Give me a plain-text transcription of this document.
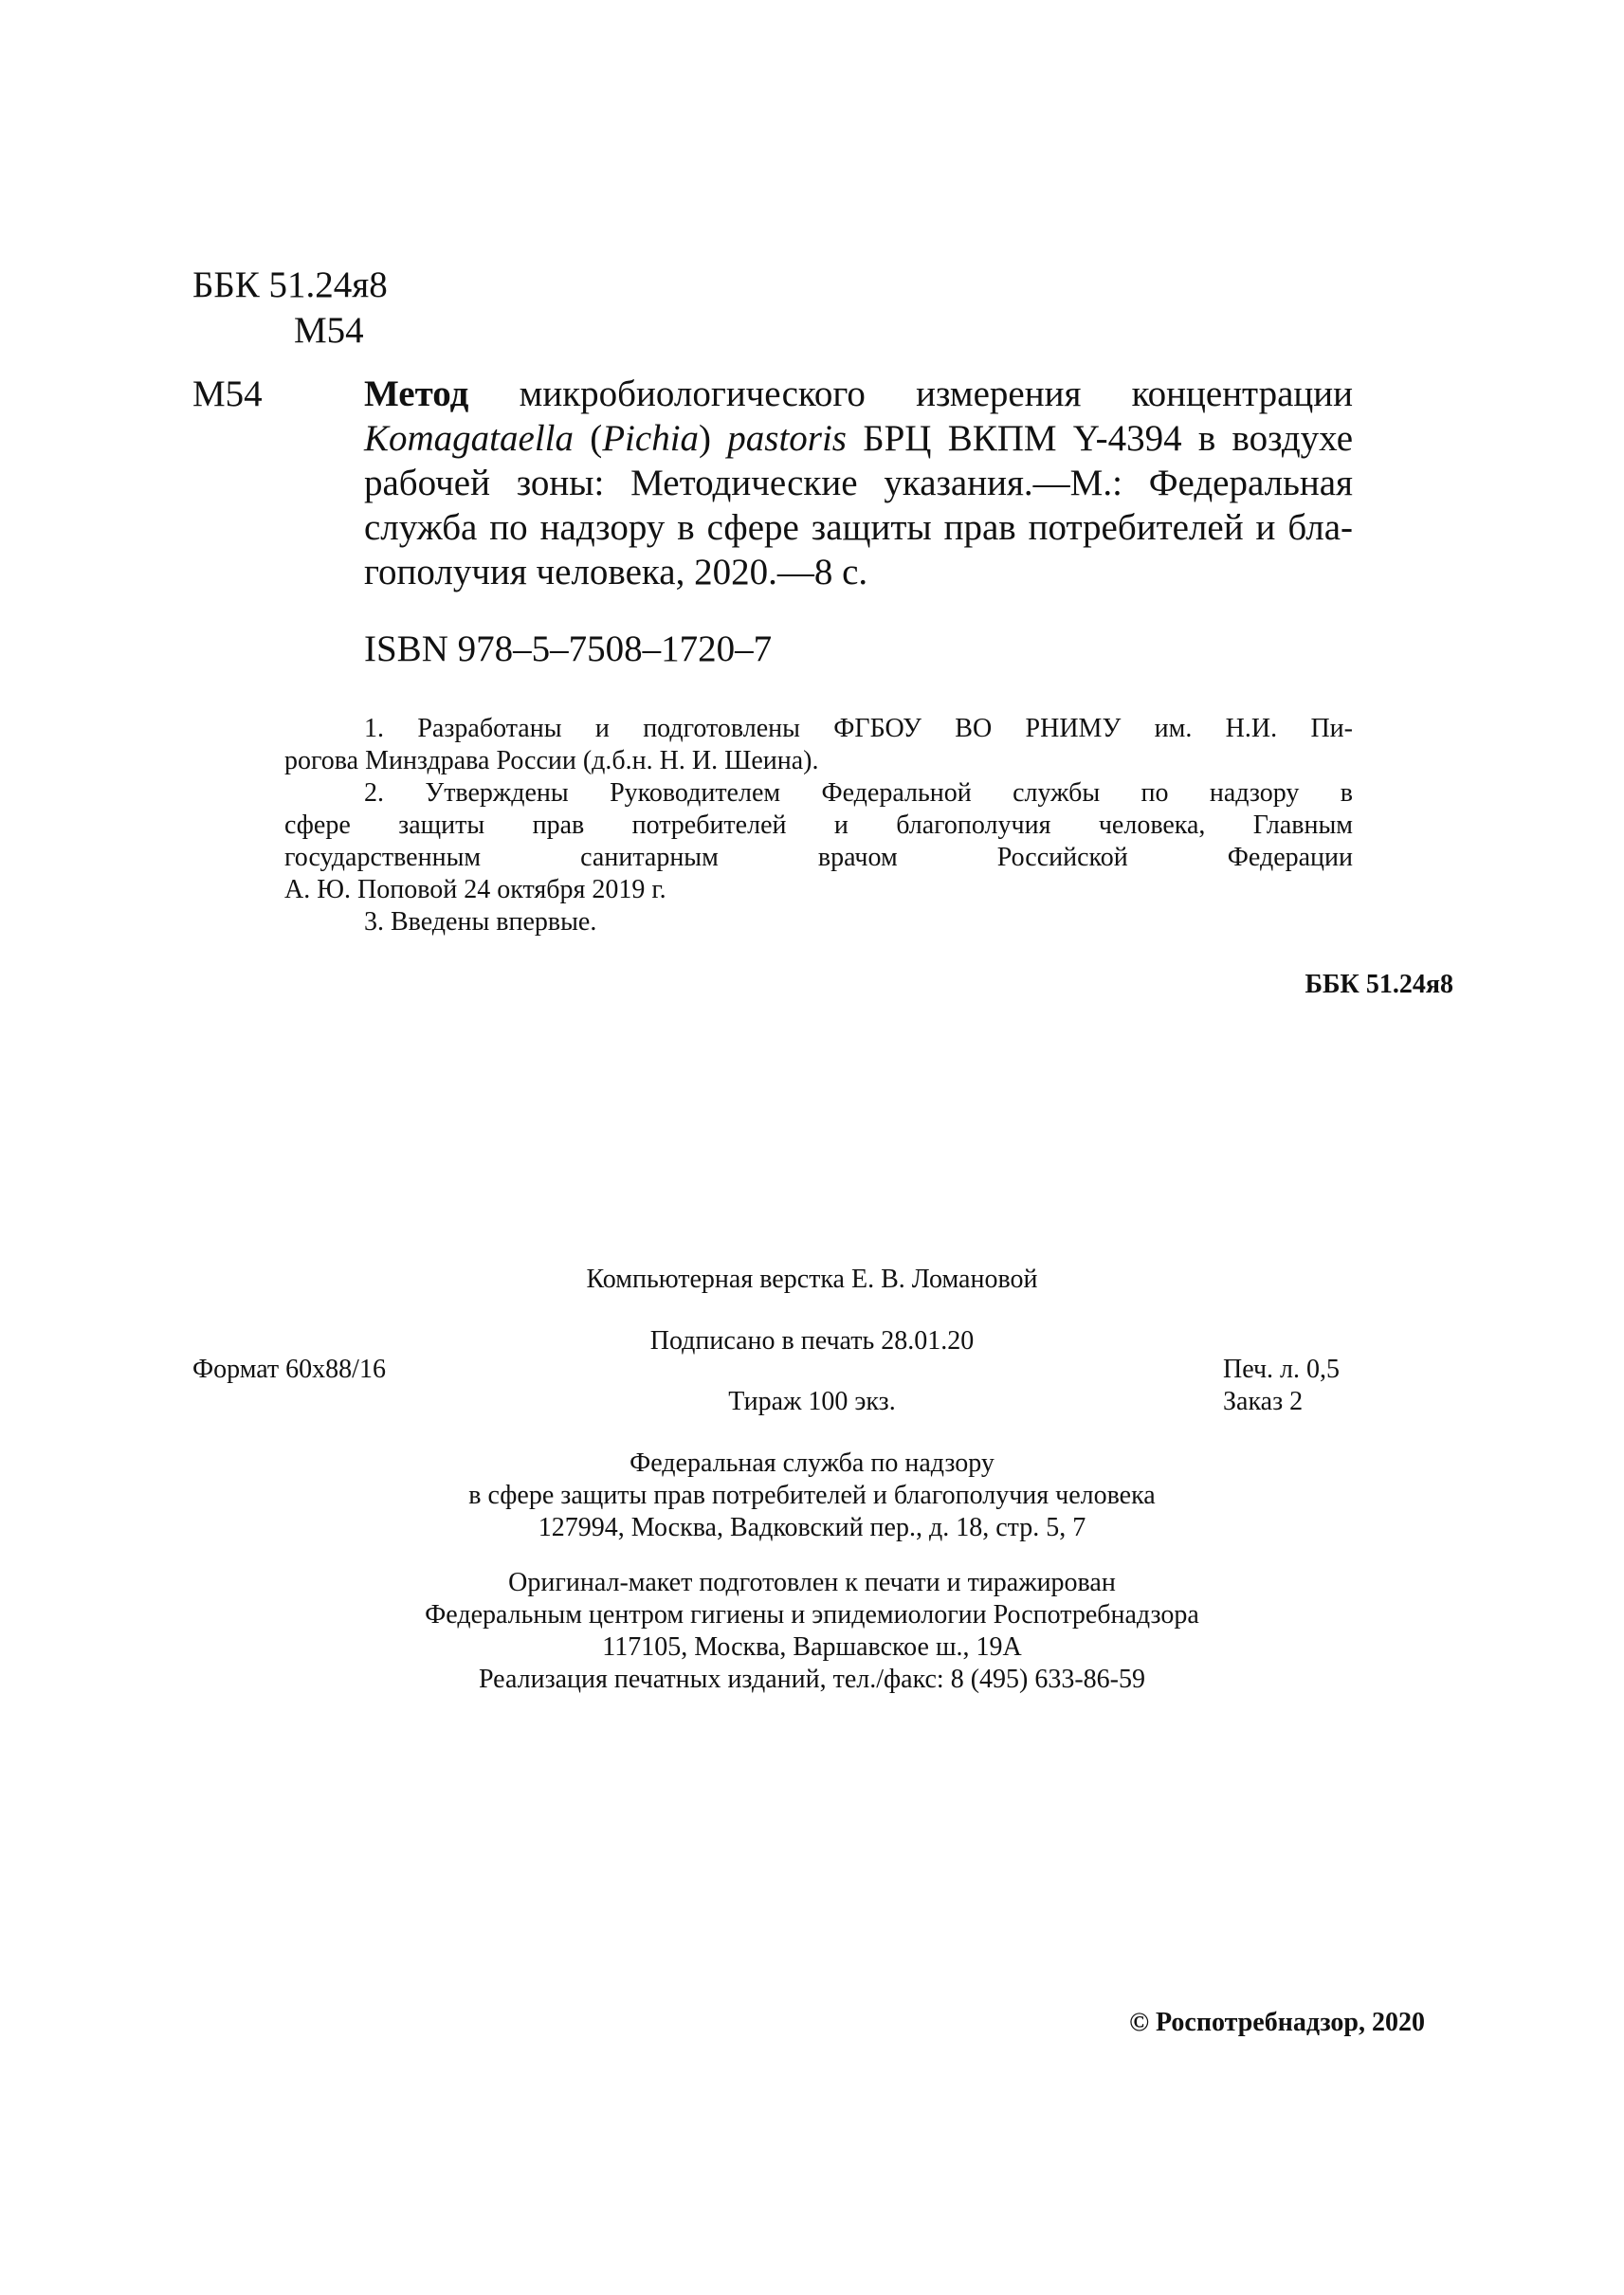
ББК 51.24я8
М54
М54	Метод микробиологического измерения концентрации
Komagataella (Pichia) pastoris БРЦ ВКПМ Y-4394 в воздухе
рабочей зоны: Методические указания.—М.: Федеральная
служба по надзору в сфере защиты прав потребителей и бла-
гополучия человека, 2020.—8 с.
ISBN 978–5–7508–1720–7
1. Разработаны и подготовлены ФГБОУ ВО РНИМУ им. Н.И. Пи-
рогова Минздрава России (д.б.н. Н. И. Шеина).
2. Утверждены Руководителем Федеральной службы по надзору в
сфере защиты прав потребителей и благополучия человека, Главным
государственным санитарным врачом Российской Федерации
А. Ю. Поповой 24 октября 2019 г.
3. Введены впервые.
ББК 51.24я8
Компьютерная верстка Е. В. Ломановой
Подписано в печать 28.01.20
Формат 60x88/16	Печ. л. 0,5
Тираж 100 экз.	Заказ 2
Федеральная служба по надзору
в сфере защиты прав потребителей и благополучия человека
127994, Москва, Вадковский пер., д. 18, стр. 5, 7
Оригинал-макет подготовлен к печати и тиражирован
Федеральным центром гигиены и эпидемиологии Роспотребнадзора
117105, Москва, Варшавское ш., 19А
Реализация печатных изданий, тел./факс: 8 (495) 633-86-59
© Роспотребнадзор, 2020
